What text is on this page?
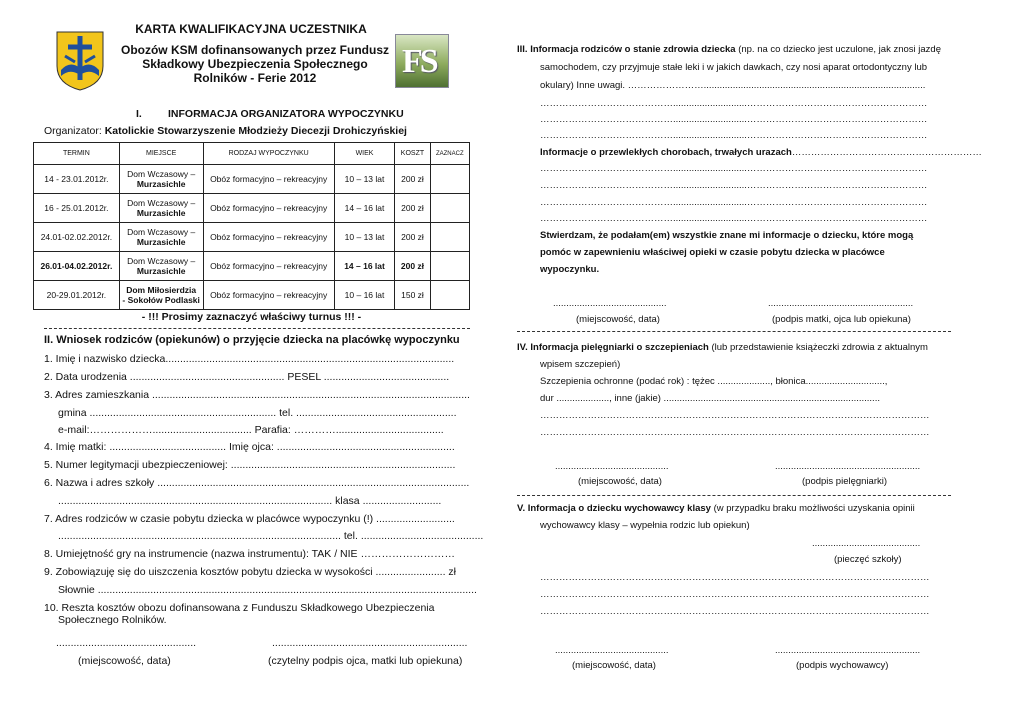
FS
KARTA KWALIFIKACYJNA UCZESTNIKA
Obozów KSM dofinansowanych przez Fundusz
Składkowy Ubezpieczenia Społecznego
Rolników - Ferie 2012
I. INFORMACJA ORGANIZATORA WYPOCZYNKU
Organizator: Katolickie Stowarzyszenie Młodzieży Diecezji Drohiczyńskiej
TERMIN	MIEJSCE	RODZAJ WYPOCZYNKU	WIEK	KOSZT	ZAZNACZ
14 - 23.01.2012r.	Dom Wczasowy –
Murzasichle	Obóz formacyjno – rekreacyjny	10 – 13 lat	200 zł	
16 - 25.01.2012r.	Dom Wczasowy –
Murzasichle	Obóz formacyjno – rekreacyjny	14 – 16 lat	200 zł	
24.01-02.02.2012r.	Dom Wczasowy –
Murzasichle	Obóz formacyjno – rekreacyjny	10 – 13 lat	200 zł	
26.01-04.02.2012r.	Dom Wczasowy –
Murzasichle	Obóz formacyjno – rekreacyjny	14 – 16 lat	200 zł	
20-29.01.2012r.	Dom Miłosierdzia
- Sokołów Podlaski	Obóz formacyjno – rekreacyjny	10 – 16 lat	150 zł	
- !!! Prosimy zaznaczyć właściwy turnus !!! -
II. Wniosek rodziców (opiekunów) o przyjęcie dziecka na placówkę wypoczynku
1. Imię i nazwisko dziecka...................................................................................................
2. Data urodzenia ..................................................... PESEL ...........................................
3. Adres zamieszkania .............................................................................................................
gmina ................................................................ tel. .......................................................
e-mail:……………….................................. Parafia: ………….....................................
4. Imię matki: ........................................ Imię ojca: .............................................................
5. Numer legitymacji ubezpieczeniowej: .............................................................................
6. Nazwa i adres szkoły ...........................................................................................................
.............................................................................................. klasa ...........................
7. Adres rodziców w czasie pobytu dziecka w placówce wypoczynku (!) ...........................
................................................................................................. tel. ..........................................
8. Umiejętność gry na instrumencie (nazwa instrumentu): TAK / NIE ………………………
9. Zobowiązuję się do uiszczenia kosztów pobytu dziecka w wysokości ........................ zł
Słownie ..................................................................................................................................
10. Reszta kosztów obozu dofinansowana z Funduszu Składkowego Ubezpieczenia
Społecznego Rolników.
................................................	...................................................................
(miejscowość, data)	(czytelny podpis ojca, matki lub opiekuna)
III. Informacja rodziców o stanie zdrowia dziecka (np. na co dziecko jest uczulone, jak znosi jazdę
samochodem, czy przyjmuje stałe leki i w jakich dawkach, czy nosi aparat ortodontyczny lub
okulary) Inne uwagi. ……………………....................................................................................
……………………………………............................…………………………………………………
……………………………………............................…………………………………………………
……………………………………............................…………………………………………………
Informacje o przewlekłych chorobach, trwałych urazach……………………………………………………
……………………………………............................…………………………………………………
……………………………………............................…………………………………………………
……………………………………............................…………………………………………………
……………………………………............................…………………………………………………
Stwierdzam, że podałam(em) wszystkie znane mi informacje o dziecku, które mogą
pomóc w zapewnieniu właściwej opieki w czasie pobytu dziecka w placówce
wypoczynku.
...........................................	.......................................................
(miejscowość, data)	(podpis matki, ojca lub opiekuna)
IV. Informacja pielęgniarki o szczepieniach (lub przedstawienie książeczki zdrowia z aktualnym
wpisem szczepień)
Szczepienia ochronne (podać rok) : tężec ...................., błonica..............................,
dur ...................., inne (jakie) ..................................................................................
……………………………………………………………………………………………………………
……………………………………………………………………………………………………………
...........................................	.......................................................
(miejscowość, data)	(podpis pielęgniarki)
V. Informacja o dziecku wychowawcy klasy (w przypadku braku możliwości uzyskania opinii
wychowawcy klasy – wypełnia rodzic lub opiekun)
.........................................
(pieczęć szkoły)
……………………………………………………………………………………………………………
……………………………………………………………………………………………………………
……………………………………………………………………………………………………………
...........................................	.......................................................
(miejscowość, data)	(podpis wychowawcy)
